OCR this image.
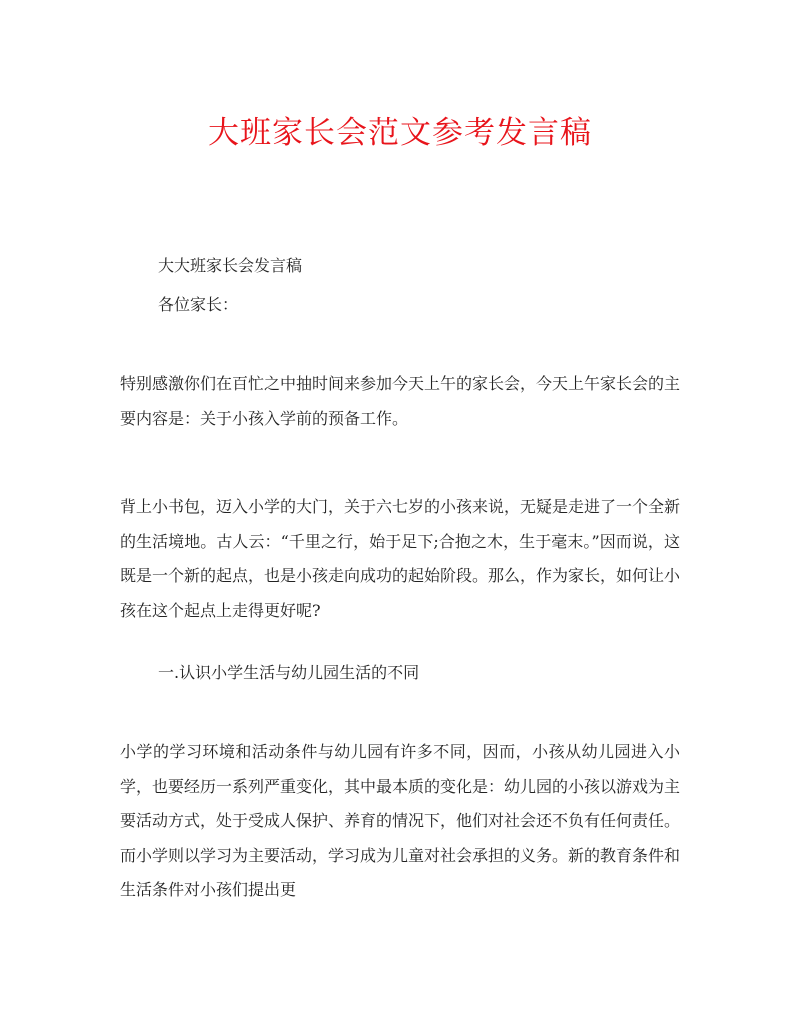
大班家长会范文参考发言稿
大大班家长会发言稿
各位家长：
特别感激你们在百忙之中抽时间来参加今天上午的家长会，今天上午家长会的主要内容是：关于小孩入学前的预备工作。
背上小书包，迈入小学的大门，关于六七岁的小孩来说，无疑是走进了一个全新的生活境地。古人云：“千里之行，始于足下;合抱之木，生于毫末。”因而说，这既是一个新的起点，也是小孩走向成功的起始阶段。那么，作为家长，如何让小孩在这个起点上走得更好呢?
一.认识小学生活与幼儿园生活的不同
小学的学习环境和活动条件与幼儿园有许多不同，因而，小孩从幼儿园进入小学，也要经历一系列严重变化，其中最本质的变化是：幼儿园的小孩以游戏为主要活动方式，处于受成人保护、养育的情况下，他们对社会还不负有任何责任。而小学则以学习为主要活动，学习成为儿童对社会承担的义务。新的教育条件和生活条件对小孩们提出更
